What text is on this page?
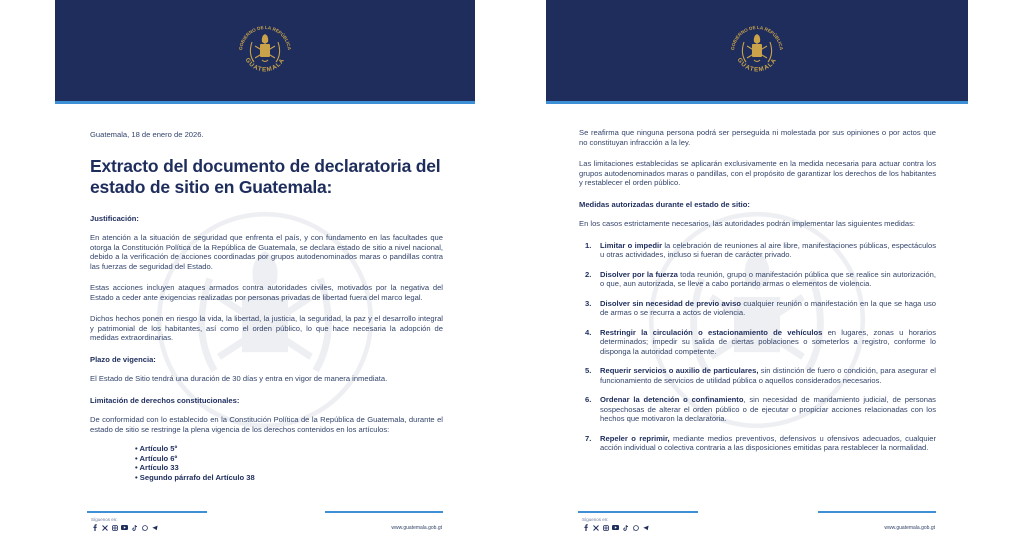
GOBIERNO DE LA REPÚBLICA
GUATEMALA
Guatemala, 18 de enero de 2026.
Extracto del documento de declaratoria del estado de sitio en Guatemala:
Justificación:

En atención a la situación de seguridad que enfrenta el país, y con fundamento en las facultades que otorga la Constitución Política de la República de Guatemala, se declara estado de sitio a nivel nacional, debido a la verificación de acciones coordinadas por grupos autodenominados maras o pandillas contra las fuerzas de seguridad del Estado.

Estas acciones incluyen ataques armados contra autoridades civiles, motivados por la negativa del Estado a ceder ante exigencias realizadas por personas privadas de libertad fuera del marco legal.

Dichos hechos ponen en riesgo la vida, la libertad, la justicia, la seguridad, la paz y el desarrollo integral y patrimonial de los habitantes, así como el orden público, lo que hace necesaria la adopción de medidas extraordinarias.

Plazo de vigencia:

El Estado de Sitio tendrá una duración de 30 días y entra en vigor de manera inmediata.

Limitación de derechos constitucionales:

De conformidad con lo establecido en la Constitución Política de la República de Guatemala, durante el estado de sitio se restringe la plena vigencia de los derechos contenidos en los artículos:

• Artículo 5º
• Artículo 6º
• Artículo 33
• Segundo párrafo del Artículo 38
Síguenos en:
www.guatemala.gob.gt
GOBIERNO DE LA REPÚBLICA
GUATEMALA

Se reafirma que ninguna persona podrá ser perseguida ni molestada por sus opiniones o por actos que no constituyan infracción a la ley.

Las limitaciones establecidas se aplicarán exclusivamente en la medida necesaria para actuar contra los grupos autodenominados maras o pandillas, con el propósito de garantizar los derechos de los habitantes y restablecer el orden público.

Medidas autorizadas durante el estado de sitio:

En los casos estrictamente necesarios, las autoridades podrán implementar las siguientes medidas:

1.	Limitar o impedir la celebración de reuniones al aire libre, manifestaciones públicas, espectáculos u otras actividades, incluso si fueran de carácter privado.
2.	Disolver por la fuerza toda reunión, grupo o manifestación pública que se realice sin autorización, o que, aun autorizada, se lleve a cabo portando armas o elementos de violencia.
3.	Disolver sin necesidad de previo aviso cualquier reunión o manifestación en la que se haga uso de armas o se recurra a actos de violencia.
4.	Restringir la circulación o estacionamiento de vehículos en lugares, zonas u horarios determinados; impedir su salida de ciertas poblaciones o someterlos a registro, conforme lo disponga la autoridad competente.
5.	Requerir servicios o auxilio de particulares, sin distinción de fuero o condición, para asegurar el funcionamiento de servicios de utilidad pública o aquellos considerados necesarios.
6.	Ordenar la detención o confinamiento, sin necesidad de mandamiento judicial, de personas sospechosas de alterar el orden público o de ejecutar o propiciar acciones relacionadas con los hechos que motivaron la declaratoria.
7.	Repeler o reprimir, mediante medios preventivos, defensivos u ofensivos adecuados, cualquier acción individual o colectiva contraria a las disposiciones emitidas para restablecer la normalidad.
Síguenos en:
www.guatemala.gob.gt
